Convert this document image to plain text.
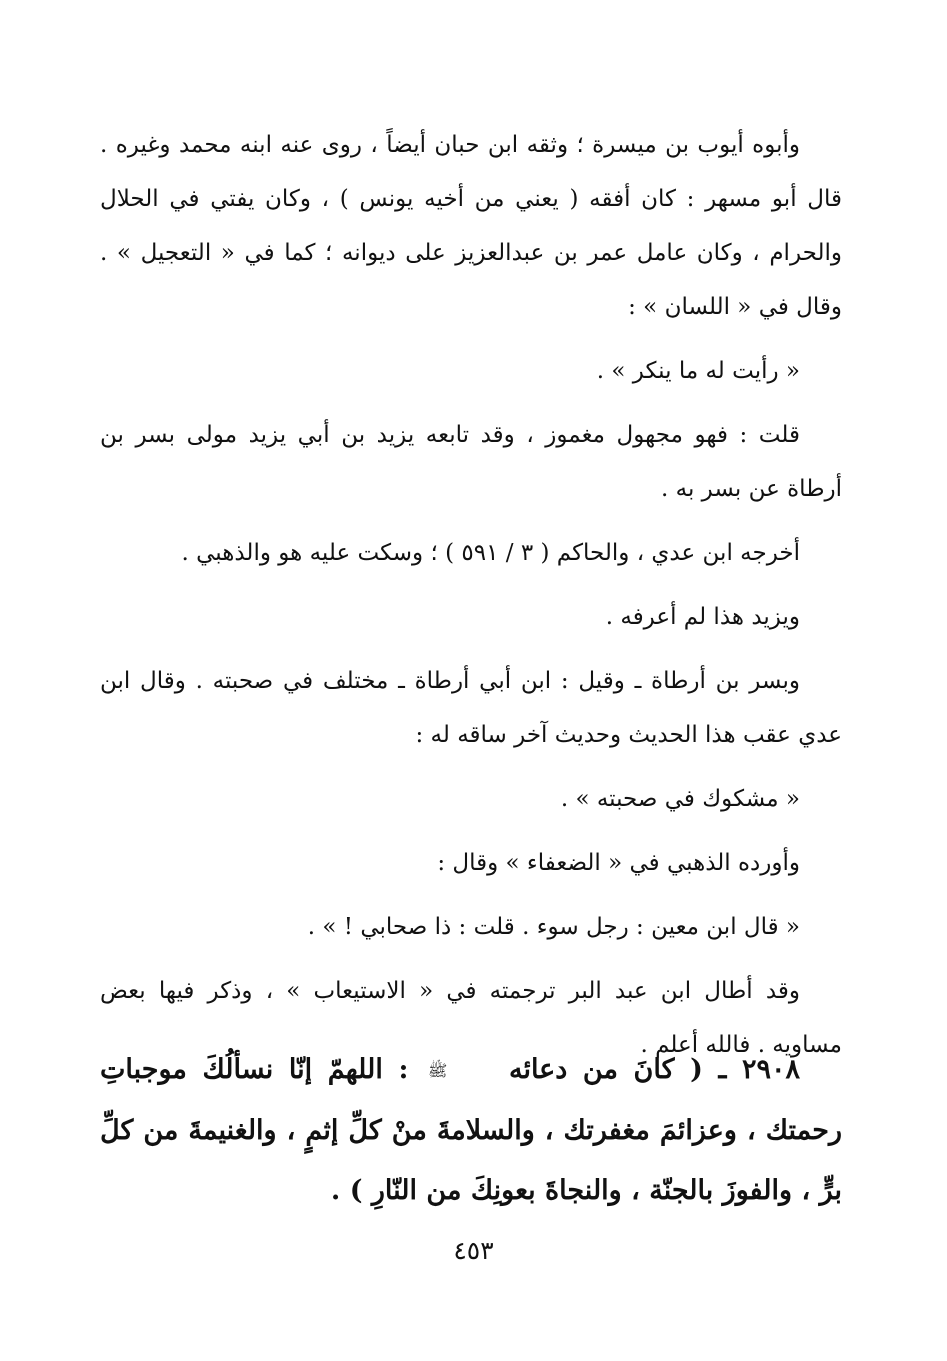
وأبوه أيوب بن ميسرة ؛ وثقه ابن حبان أيضاً ، روى عنه ابنه محمد وغيره . قال أبو مسهر : كان أفقه ( يعني من أخيه يونس ) ، وكان يفتي في الحلال والحرام ، وكان عامل عمر بن عبدالعزيز على ديوانه ؛ كما في « التعجيل » . وقال في « اللسان » :

« رأيت له ما ينكر » .

قلت : فهو مجهول مغموز ، وقد تابعه يزيد بن أبي يزيد مولى بسر بن أرطاة عن بسر به .

أخرجه ابن عدي ، والحاكم ( ٣ / ٥٩١ ) ؛ وسكت عليه هو والذهبي .

ويزيد هذا لم أعرفه .

وبسر بن أرطاة ـ وقيل : ابن أبي أرطاة ـ مختلف في صحبته . وقال ابن عدي عقب هذا الحديث وحديث آخر ساقه له :

« مشكوك في صحبته » .

وأورده الذهبي في « الضعفاء » وقال :

« قال ابن معين : رجل سوء . قلت : ذا صحابي ! » .

وقد أطال ابن عبد البر ترجمته في « الاستيعاب » ، وذكر فيها بعض مساويه . فالله أعلم .

٢٩٠٨ ـ ( كانَ من دعائه ﷺ : اللهمّ إنّا نسألُكَ موجباتِ رحمتك ، وعزائمَ مغفرتك ، والسلامةَ منْ كلِّ إثمٍ ، والغنيمةَ من كلِّ برٍّ ، والفوزَ بالجنّة ، والنجاةَ بعونِكَ من النّارِ ) .

٤٥٣
